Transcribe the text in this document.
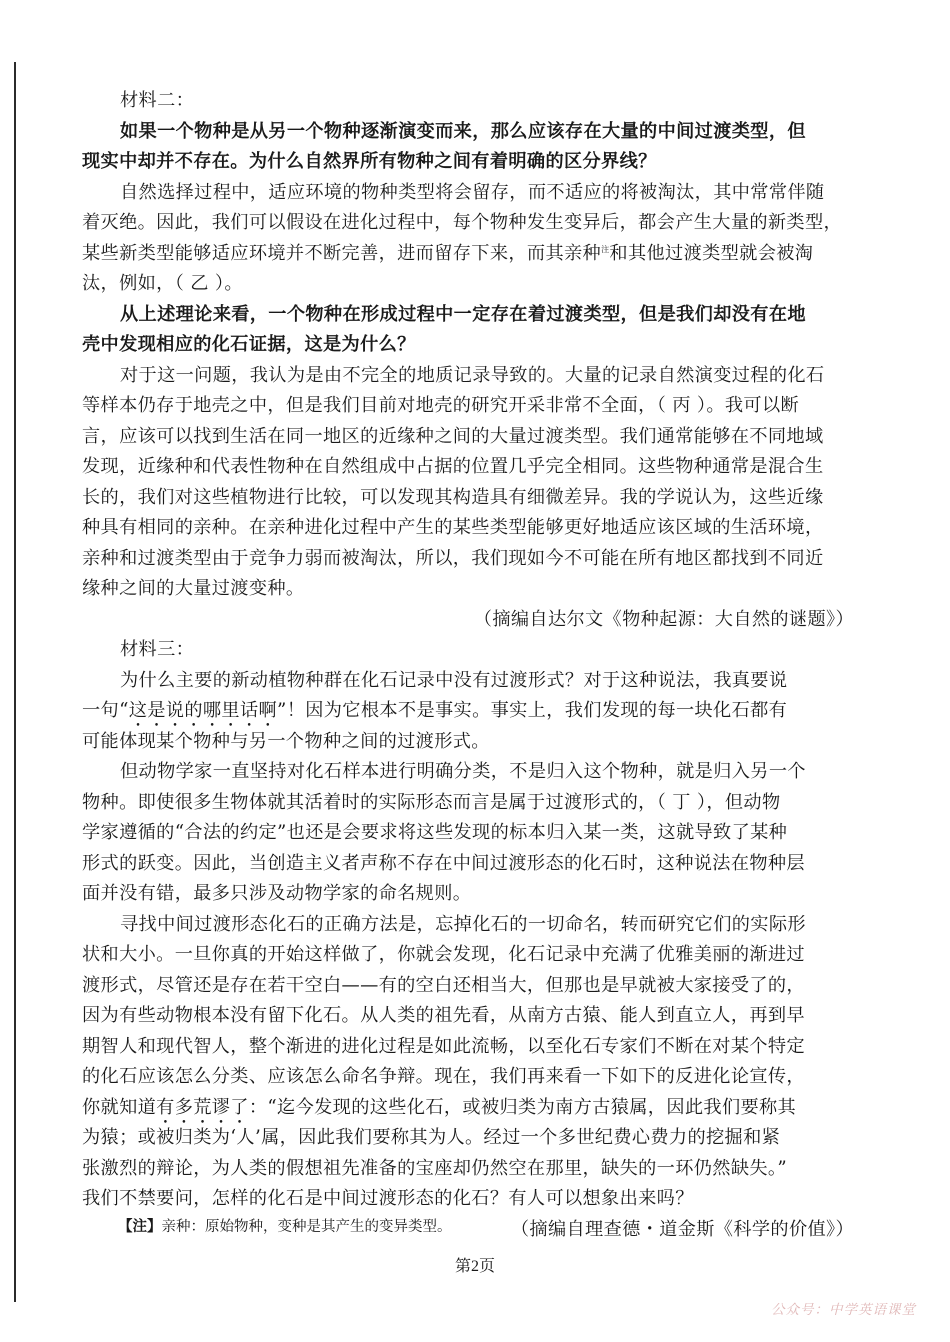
材料二：
如果一个物种是从另一个物种逐渐演变而来，那么应该存在大量的中间过渡类型，但
现实中却并不存在。为什么自然界所有物种之间有着明确的区分界线？
自然选择过程中，适应环境的物种类型将会留存，而不适应的将被淘汰，其中常常伴随
着灭绝。因此，我们可以假设在进化过程中，每个物种发生变异后，都会产生大量的新类型，
某些新类型能够适应环境并不断完善，进而留存下来，而其亲种$^注$和其他过渡类型就会被淘
汰，例如，（ 乙 ）。
从上述理论来看，一个物种在形成过程中一定存在着过渡类型，但是我们却没有在地
壳中发现相应的化石证据，这是为什么？
对于这一问题，我认为是由不完全的地质记录导致的。大量的记录自然演变过程的化石
等样本仍存于地壳之中，但是我们目前对地壳的研究开采非常不全面，（ 丙 ）。我可以断
言，应该可以找到生活在同一地区的近缘种之间的大量过渡类型。我们通常能够在不同地域
发现，近缘种和代表性物种在自然组成中占据的位置几乎完全相同。这些物种通常是混合生
长的，我们对这些植物进行比较，可以发现其构造具有细微差异。我的学说认为，这些近缘
种具有相同的亲种。在亲种进化过程中产生的某些类型能够更好地适应该区域的生活环境，
亲种和过渡类型由于竞争力弱而被淘汰，所以，我们现如今不可能在所有地区都找到不同近
缘种之间的大量过渡变种。
（摘编自达尔文《物种起源：大自然的谜题》）
材料三：
为什么主要的新动植物种群在化石记录中没有过渡形式？对于这种说法，我真要说
一句“这是说的哪里话啊”！因为它根本不是事实。事实上，我们发现的每一块化石都有
可能体现某个物种与另一个物种之间的过渡形式。
但动物学家一直坚持对化石样本进行明确分类，不是归入这个物种，就是归入另一个
物种。即使很多生物体就其活着时的实际形态而言是属于过渡形式的，（ 丁 ），但动物
学家遵循的“合法的约定”也还是会要求将这些发现的标本归入某一类，这就导致了某种
形式的跃变。因此，当创造主义者声称不存在中间过渡形态的化石时，这种说法在物种层
面并没有错，最多只涉及动物学家的命名规则。
寻找中间过渡形态化石的正确方法是，忘掉化石的一切命名，转而研究它们的实际形
状和大小。一旦你真的开始这样做了，你就会发现，化石记录中充满了优雅美丽的渐进过
渡形式，尽管还是存在若干空白——有的空白还相当大，但那也是早就被大家接受了的，
因为有些动物根本没有留下化石。从人类的祖先看，从南方古猿、能人到直立人，再到早
期智人和现代智人，整个渐进的进化过程是如此流畅，以至化石专家们不断在对某个特定
的化石应该怎么分类、应该怎么命名争辩。现在，我们再来看一下如下的反进化论宣传，
你就知道有多荒谬了：“迄今发现的这些化石，或被归类为南方古猿属，因此我们要称其
为猿；或被归类为‘人’属，因此我们要称其为人。经过一个多世纪费心费力的挖掘和紧
张激烈的辩论，为人类的假想祖先准备的宝座却仍然空在那里，缺失的一环仍然缺失。”
我们不禁要问，怎样的化石是中间过渡形态的化石？有人可以想象出来吗？
（摘编自理查德・道金斯《科学的价值》）
【注】亲种：原始物种，变种是其产生的变异类型。
第2页
公众号：中学英语课堂
